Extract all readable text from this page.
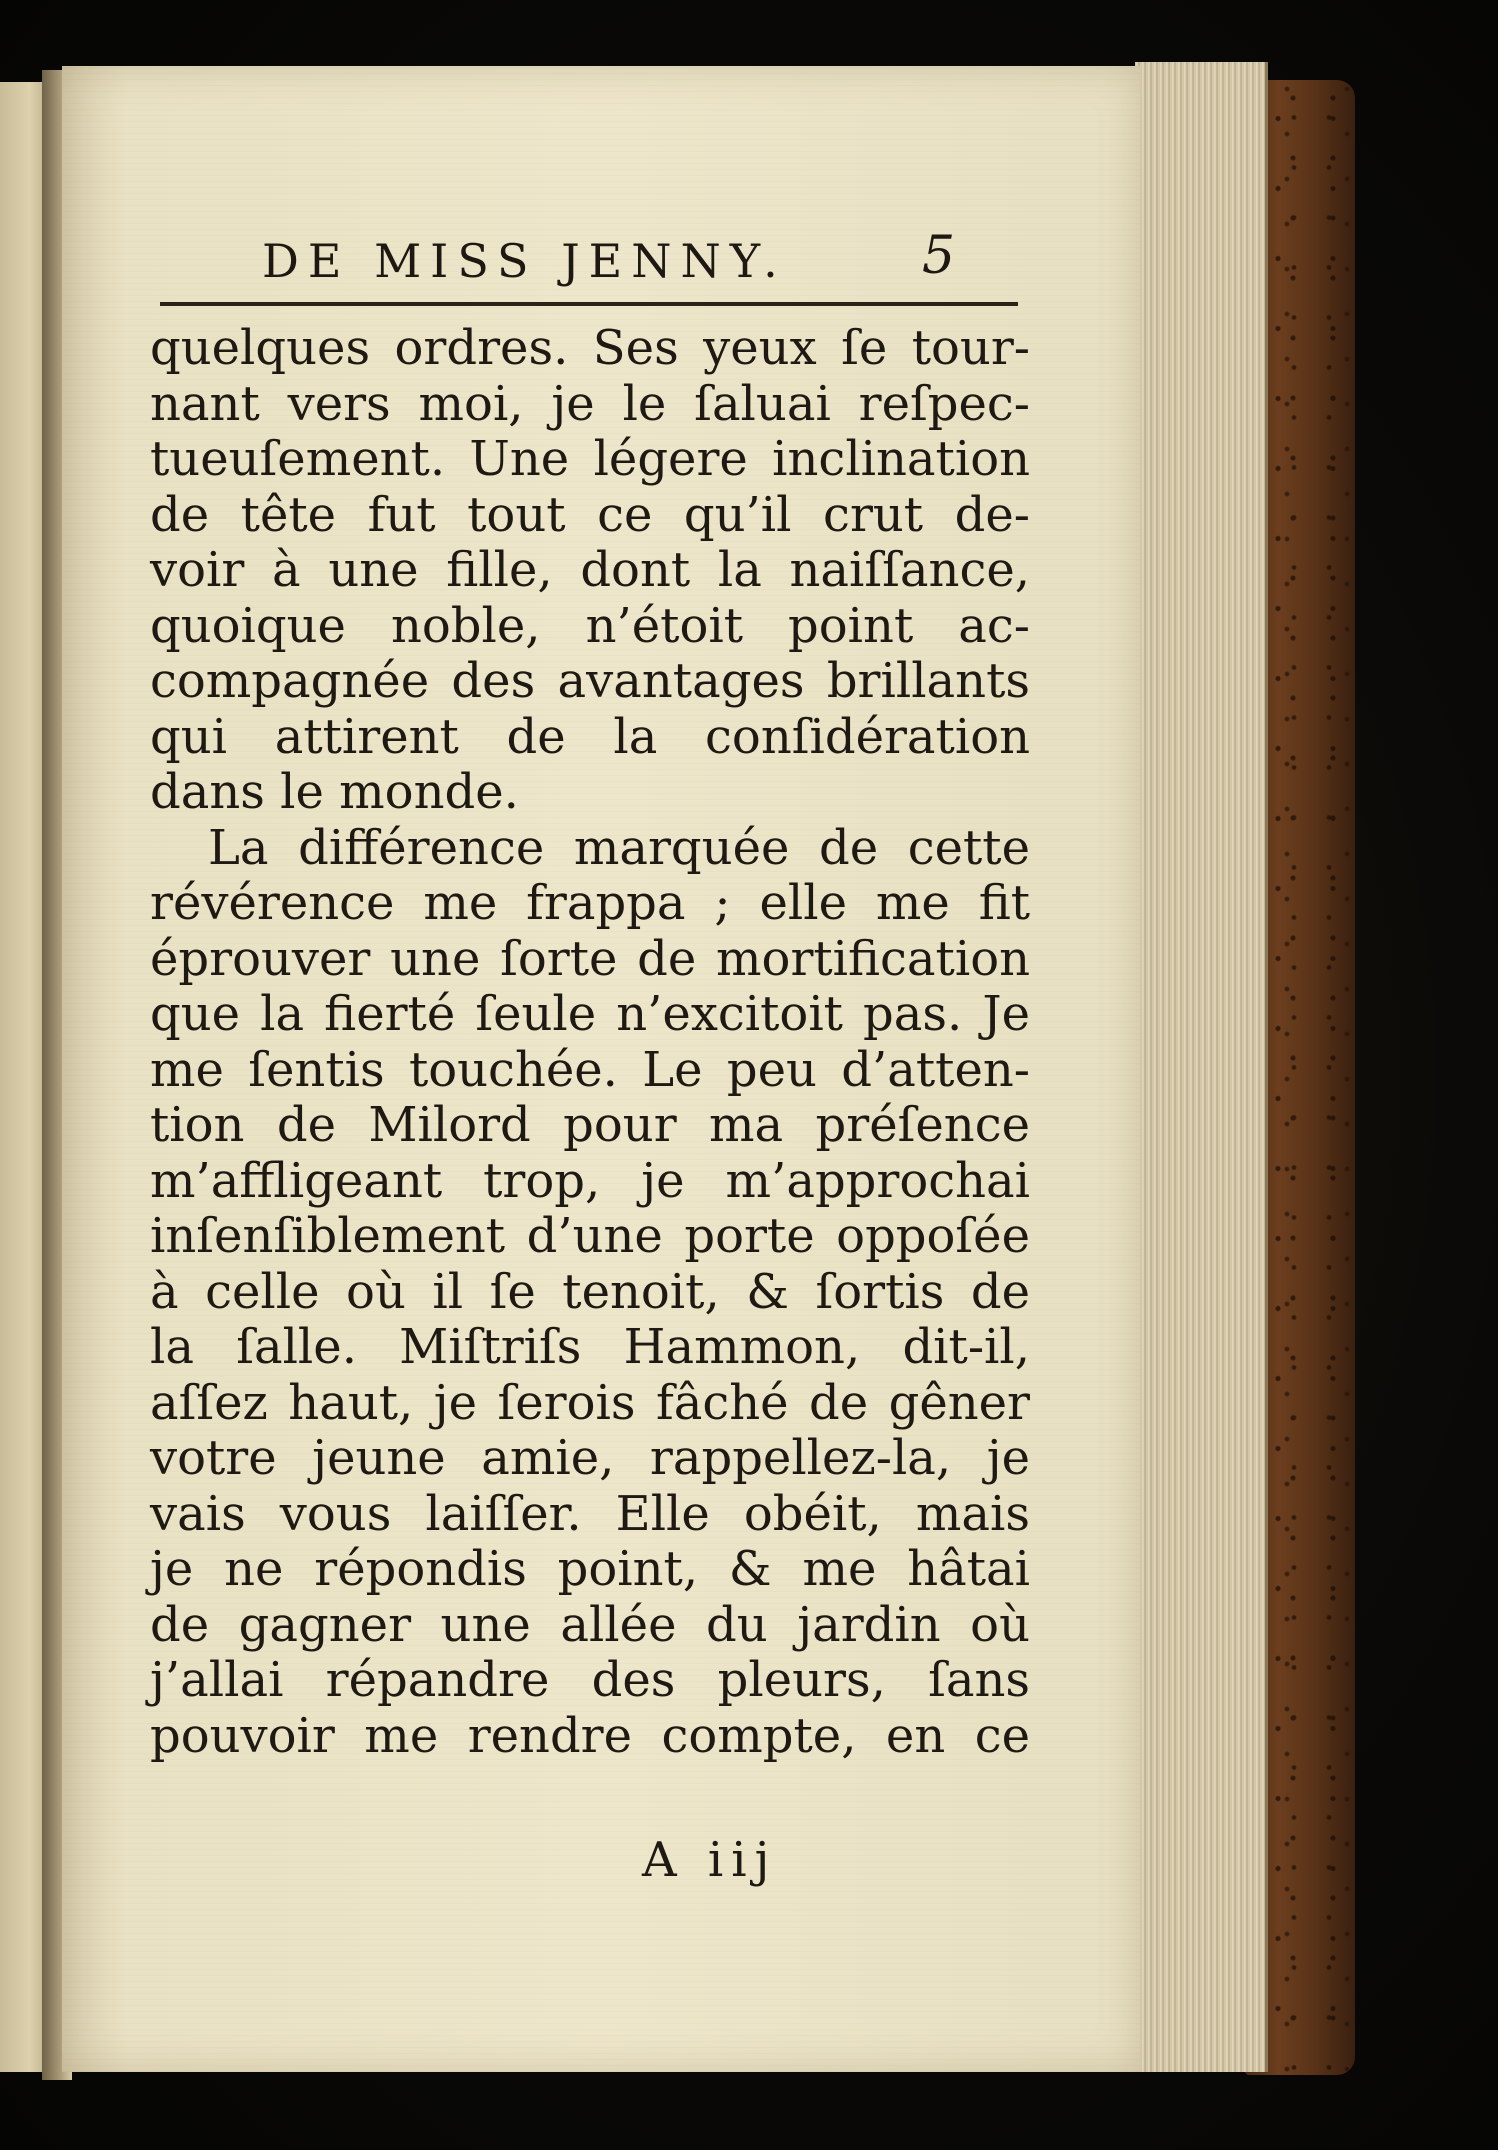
DE MISS JENNY.	5
quelques ordres. Ses yeux ſe tour-
nant vers moi, je le ſaluai reſpec-
tueuſement. Une légere inclination
de tête fut tout ce qu’il crut de-
voir à une fille, dont la naiſſance,
quoique noble, n’étoit point ac-
compagnée des avantages brillants
qui attirent de la conſidération
dans le monde.
La différence marquée de cette
révérence me frappa ; elle me fit
éprouver une ſorte de mortification
que la fierté ſeule n’excitoit pas. Je
me ſentis touchée. Le peu d’atten-
tion de Milord pour ma préſence
m’affligeant trop, je m’approchai
inſenſiblement d’une porte oppoſée
à celle où il ſe tenoit, & ſortis de
la ſalle. Miſtriſs Hammon, dit-il,
aſſez haut, je ſerois fâché de gêner
votre jeune amie, rappellez-la, je
vais vous laiſſer. Elle obéit, mais
je ne répondis point, & me hâtai
de gagner une allée du jardin où
j’allai répandre des pleurs, ſans
pouvoir me rendre compte, en ce
A iij
